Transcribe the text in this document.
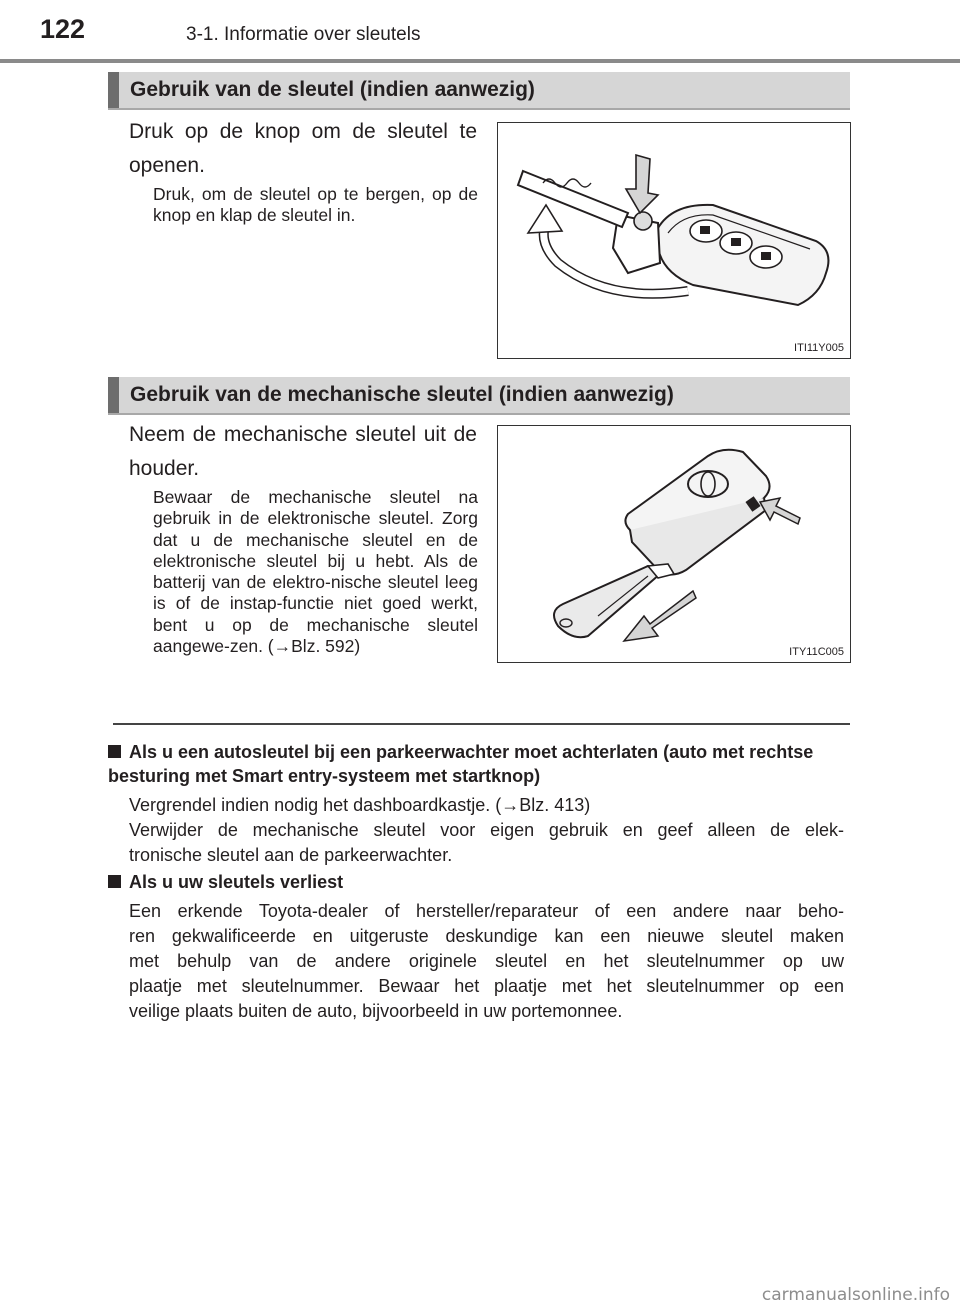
122	3-1. Informatie over sleutels
Gebruik van de sleutel (indien aanwezig)
Druk op de knop om de sleutel te openen.
Druk, om de sleutel op te bergen, op de knop en klap de sleutel in.
ITI11Y005
Gebruik van de mechanische sleutel (indien aanwezig)
Neem de mechanische sleutel uit de houder.
Bewaar de mechanische sleutel na gebruik in de elektronische sleutel. Zorg dat u de mechanische sleutel en de elektronische sleutel bij u hebt. Als de batterij van de elektro-nische sleutel leeg is of de instap-functie niet goed werkt, bent u op de mechanische sleutel aangewe-zen. (→Blz. 592)	ITY11C005
Als u een autosleutel bij een parkeerwachter moet achterlaten (auto met rechtse besturing met Smart entry-systeem met startknop)
Vergrendel indien nodig het dashboardkastje. (→Blz. 413)
Verwijder de mechanische sleutel voor eigen gebruik en geef alleen de elek-
tronische sleutel aan de parkeerwachter.
Als u uw sleutels verliest
Een erkende Toyota-dealer of hersteller/reparateur of een andere naar beho-
ren gekwalificeerde en uitgeruste deskundige kan een nieuwe sleutel maken
met behulp van de andere originele sleutel en het sleutelnummer op uw
plaatje met sleutelnummer. Bewaar het plaatje met het sleutelnummer op een
veilige plaats buiten de auto, bijvoorbeeld in uw portemonnee.
carmanualsonline.info
